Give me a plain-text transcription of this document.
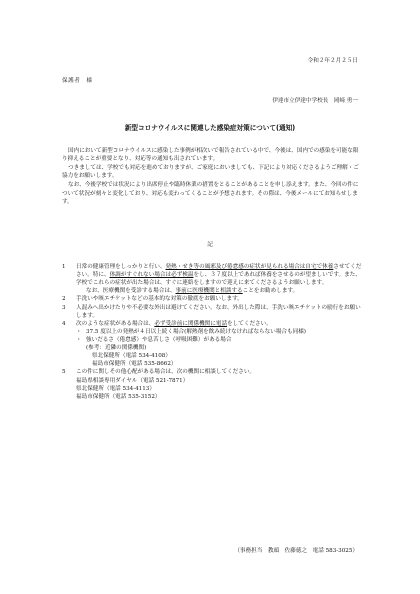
令和２年２月２５日
保護者　様
伊達市立伊達中学校長　岡﨑 勇一
新型コロナウイルスに関連した感染症対策について(通知)

国内において新型コロナウイルスに感染した事例が相次いで報告されている中で、今後は、国内での感染を可能な限り抑えることが重要となり、対応等の通知も出されています。

つきましては、学校でも対応を進めておりますが、ご家庭においましても、下記により対応くださるようご理解・ご協力をお願いします。

なお、今後学校では状況により出席停止や臨時休業の措置をとることがあることを申し添えます。また、今回の件について状況が刻々と変化しており、対応も変わってくることが予想されます。その際は、今後メールにてお知らせします。

記
1	日常の健康管理をしっかりと行い、発熱・せき等の風邪及び倦怠感の症状が見られる場合は自宅で休養させてください。特に、体調がすぐれない場合は必ず検温をし、３７度以上であれば休養をさせるのが望ましいです。また、学校でこれらの症状が出た場合は、すぐに連絡をしますので迎えに来てくださるようお願いします。
なお、医療機関を受診する場合は、事前に医療機関と相談することをお勧めします。
2	手洗いや咳エチケットなどの基本的な対策の徹底をお願いします。
3	人混みへ出かけたりや不必要な外出は避けてください。なお、外出した際は、手洗い咳エチケットの励行をお願いします。
4	次のような症状がある場合は、必ず受診前に関係機関に電話をしてください。
・ 37.5 度以上の発熱が４日以上続く場合(解熱剤を飲み続けなければならない場合も同様)
・ 強いだるさ（倦怠感）や息苦しさ（呼吸困難）がある場合
(参考：近隣の関係機関)
県北保健所（電話 534-4108）
福島市保健所（電話 535-8662）
5	この件に関しその他心配がある場合は、次の機関に相談してください。
福島県相談専用ダイヤル（電話 521-7871）
県北保健所（電話 534-4113）
福島市保健所（電話 535-3152）
（事務担当　教頭　佐藤徳之　電話 583-3025）
